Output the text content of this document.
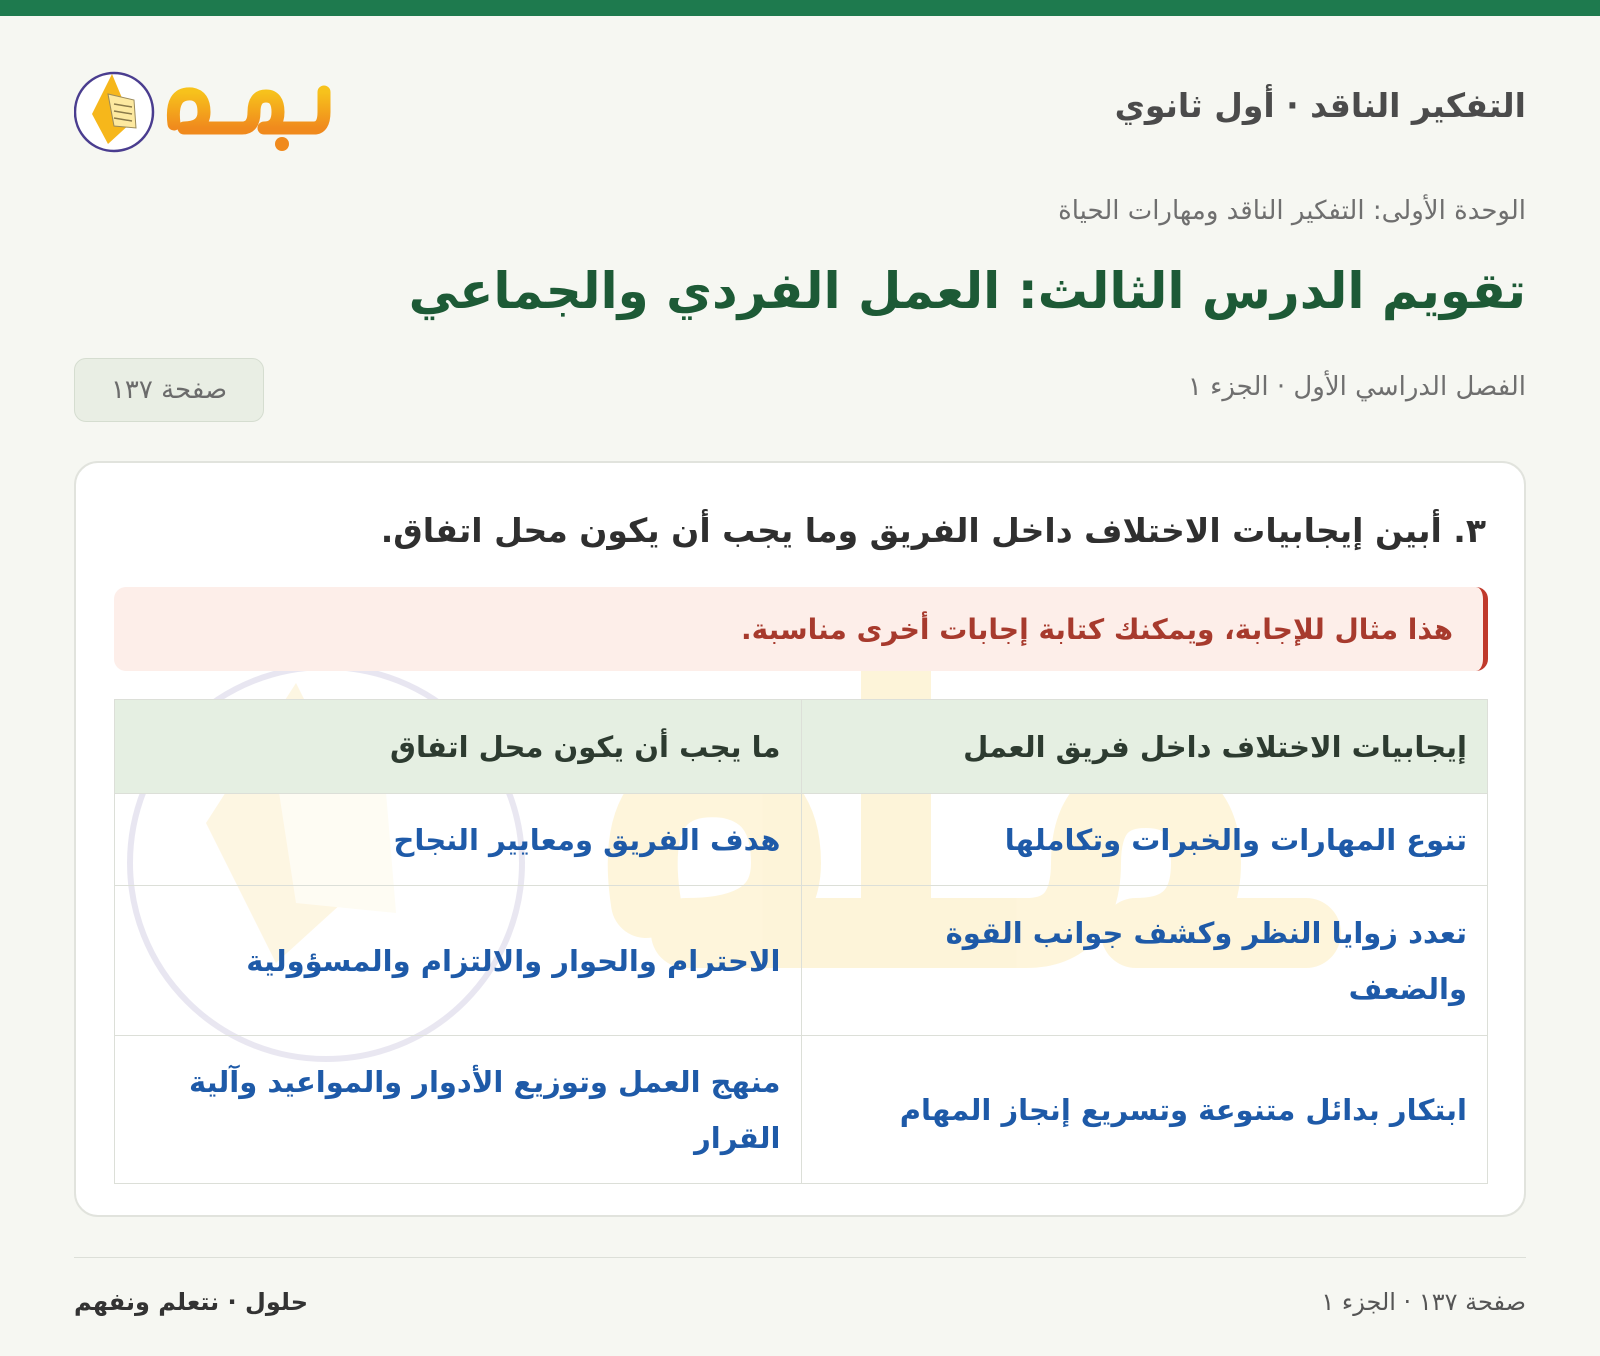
التفكير الناقد · أول ثانوي
الوحدة الأولى: التفكير الناقد ومهارات الحياة
تقويم الدرس الثالث: العمل الفردي والجماعي
الفصل الدراسي الأول · الجزء ١
صفحة ١٣٧
٣. أبين إيجابيات الاختلاف داخل الفريق وما يجب أن يكون محل اتفاق.
هذا مثال للإجابة، ويمكنك كتابة إجابات أخرى مناسبة.
إيجابيات الاختلاف داخل فريق العمل	ما يجب أن يكون محل اتفاق
تنوع المهارات والخبرات وتكاملها	هدف الفريق ومعايير النجاح
تعدد زوايا النظر وكشف جوانب القوة والضعف	الاحترام والحوار والالتزام والمسؤولية
ابتكار بدائل متنوعة وتسريع إنجاز المهام	منهج العمل وتوزيع الأدوار والمواعيد وآلية القرار
صفحة ١٣٧ · الجزء ١
حلول · نتعلم ونفهم
